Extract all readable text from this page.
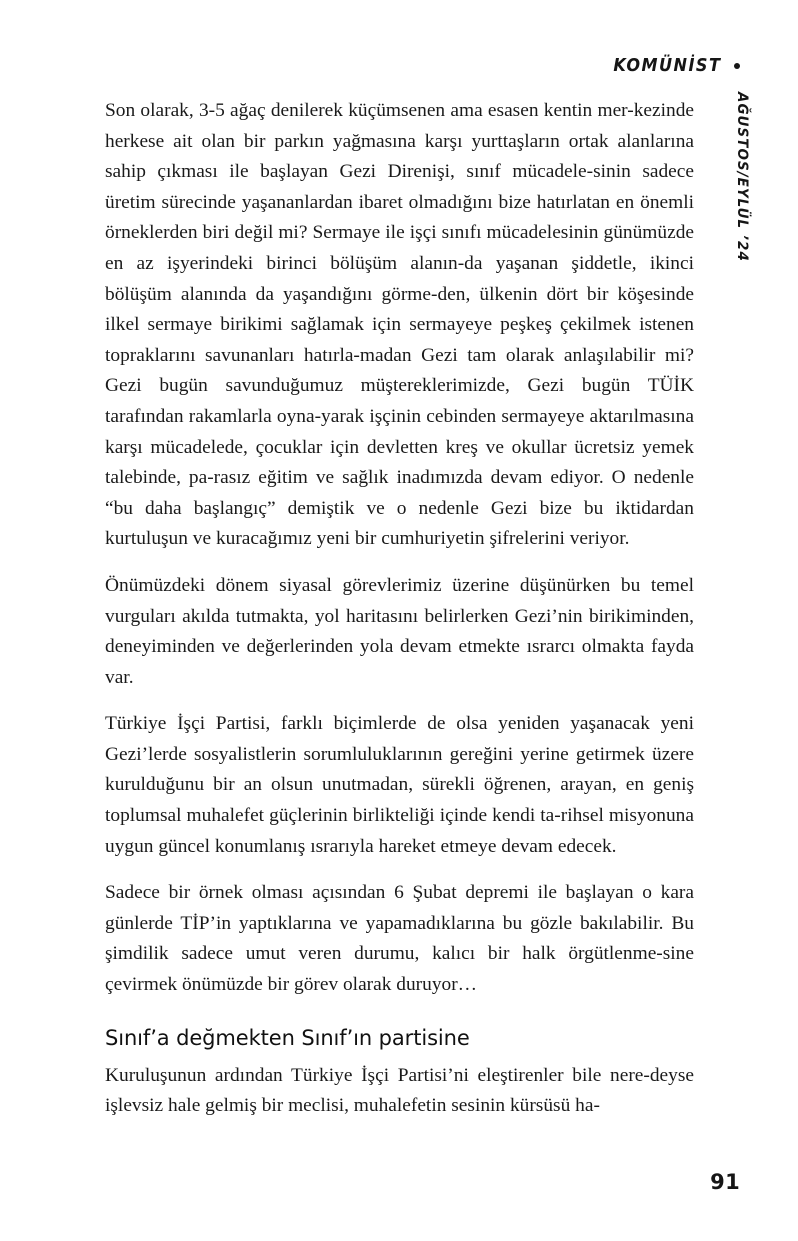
KOMÜNİST
AĞUSTOS/EYLÜL ’24

Son olarak, 3-5 ağaç denilerek küçümsenen ama esasen kentin mer-kezinde herkese ait olan bir parkın yağmasına karşı yurttaşların ortak alanlarına sahip çıkması ile başlayan Gezi Direnişi, sınıf mücadele-sinin sadece üretim sürecinde yaşananlardan ibaret olmadığını bize hatırlatan en önemli örneklerden biri değil mi? Sermaye ile işçi sınıfı mücadelesinin günümüzde en az işyerindeki birinci bölüşüm alanın-da yaşanan şiddetle, ikinci bölüşüm alanında da yaşandığını görme-den, ülkenin dört bir köşesinde ilkel sermaye birikimi sağlamak için sermayeye peşkeş çekilmek istenen topraklarını savunanları hatırla-madan Gezi tam olarak anlaşılabilir mi? Gezi bugün savunduğumuz müştereklerimizde, Gezi bugün TÜİK tarafından rakamlarla oyna-yarak işçinin cebinden sermayeye aktarılmasına karşı mücadelede, çocuklar için devletten kreş ve okullar ücretsiz yemek talebinde, pa-rasız eğitim ve sağlık inadımızda devam ediyor. O nedenle “bu daha başlangıç” demiştik ve o nedenle Gezi bize bu iktidardan kurtuluşun ve kuracağımız yeni bir cumhuriyetin şifrelerini veriyor.

Önümüzdeki dönem siyasal görevlerimiz üzerine düşünürken bu temel vurguları akılda tutmakta, yol haritasını belirlerken Gezi’nin birikiminden, deneyiminden ve değerlerinden yola devam etmekte ısrarcı olmakta fayda var.

Türkiye İşçi Partisi, farklı biçimlerde de olsa yeniden yaşanacak yeni Gezi’lerde sosyalistlerin sorumluluklarının gereğini yerine getirmek üzere kurulduğunu bir an olsun unutmadan, sürekli öğrenen, arayan, en geniş toplumsal muhalefet güçlerinin birlikteliği içinde kendi ta-rihsel misyonuna uygun güncel konumlanış ısrarıyla hareket etmeye devam edecek.

Sadece bir örnek olması açısından 6 Şubat depremi ile başlayan o kara günlerde TİP’in yaptıklarına ve yapamadıklarına bu gözle bakılabilir. Bu şimdilik sadece umut veren durumu, kalıcı bir halk örgütlenme-sine çevirmek önümüzde bir görev olarak duruyor…

Sınıf’a değmekten Sınıf’ın partisine

Kuruluşunun ardından Türkiye İşçi Partisi’ni eleştirenler bile nere-deyse işlevsiz hale gelmiş bir meclisi, muhalefetin sesinin kürsüsü ha-

91
